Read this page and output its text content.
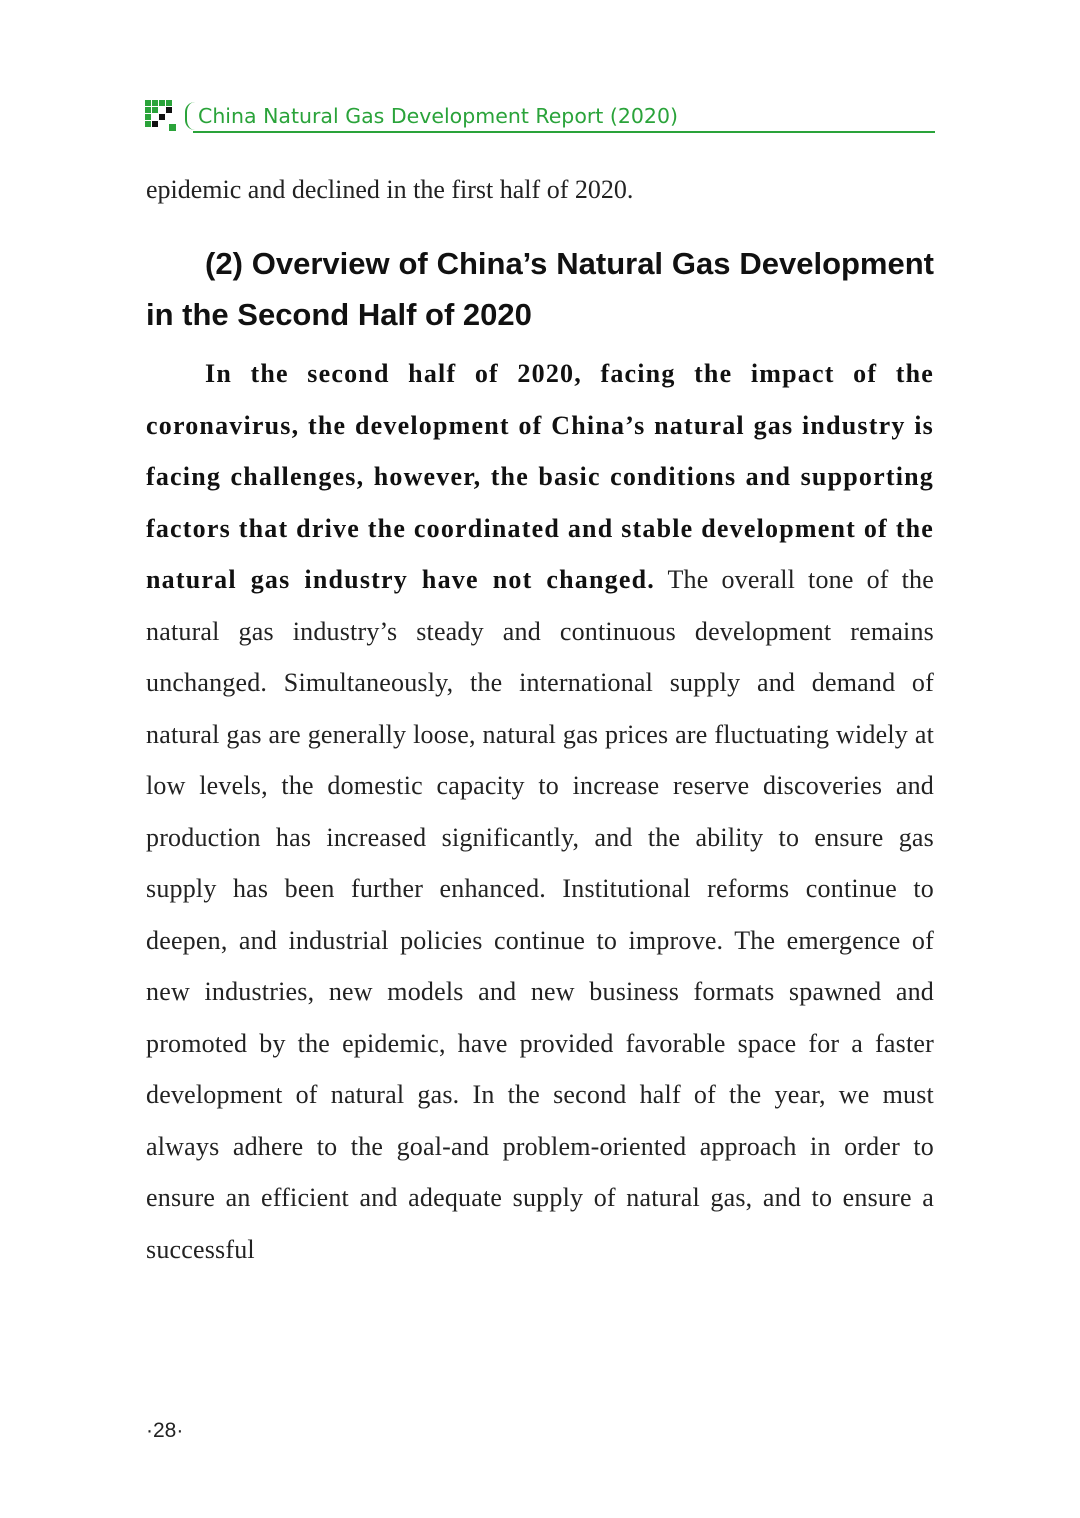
China Natural Gas Development Report (2020)

epidemic and declined in the first half of 2020.

(2) Overview of China’s Natural Gas Development in the Second Half of 2020

In the second half of 2020, facing the impact of the coronavirus, the development of China’s natural gas industry is facing challenges, however, the basic conditions and supporting factors that drive the coordinated and stable development of the natural gas industry have not changed. The overall tone of the natural gas industry’s steady and continuous development remains unchanged. Simultaneously, the international supply and demand of natural gas are generally loose, natural gas prices are fluctuating widely at low levels, the domestic capacity to increase reserve discoveries and production has increased significantly, and the ability to ensure gas supply has been further enhanced. Institutional reforms continue to deepen, and industrial policies continue to improve. The emergence of new industries, new models and new business formats spawned and promoted by the epidemic, have provided favorable space for a faster development of natural gas. In the second half of the year, we must always adhere to the goal-and problem-oriented approach in order to ensure an efficient and adequate supply of natural gas, and to ensure a successful

·28·
